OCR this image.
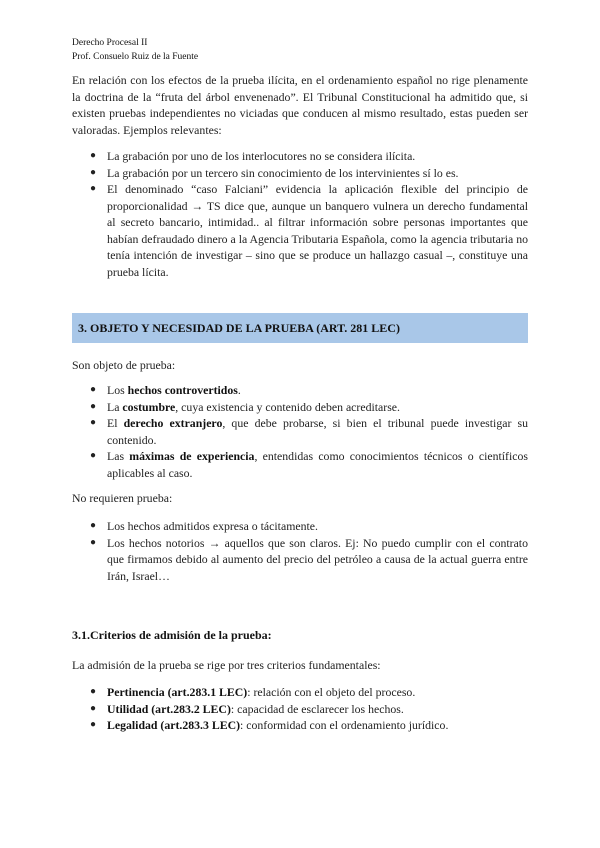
Derecho Procesal II
Prof. Consuelo Ruiz de la Fuente
En relación con los efectos de la prueba ilícita, en el ordenamiento español no rige plenamente la doctrina de la “fruta del árbol envenenado”. El Tribunal Constitucional ha admitido que, si existen pruebas independientes no viciadas que conducen al mismo resultado, estas pueden ser valoradas. Ejemplos relevantes:
● La grabación por uno de los interlocutores no se considera ilícita.
● La grabación por un tercero sin conocimiento de los intervinientes sí lo es.
● El denominado “caso Falciani” evidencia la aplicación flexible del principio de proporcionalidad → TS dice que, aunque un banquero vulnera un derecho fundamental al secreto bancario, intimidad.. al filtrar información sobre personas importantes que habían defraudado dinero a la Agencia Tributaria Española, como la agencia tributaria no tenía intención de investigar – sino que se produce un hallazgo casual –, constituye una prueba lícita.
3. OBJETO Y NECESIDAD DE LA PRUEBA (ART. 281 LEC)
Son objeto de prueba:
● Los hechos controvertidos.
● La costumbre, cuya existencia y contenido deben acreditarse.
● El derecho extranjero, que debe probarse, si bien el tribunal puede investigar su contenido.
● Las máximas de experiencia, entendidas como conocimientos técnicos o científicos aplicables al caso.
No requieren prueba:
● Los hechos admitidos expresa o tácitamente.
● Los hechos notorios → aquellos que son claros. Ej: No puedo cumplir con el contrato que firmamos debido al aumento del precio del petróleo a causa de la actual guerra entre Irán, Israel…
3.1.Criterios de admisión de la prueba:
La admisión de la prueba se rige por tres criterios fundamentales:
● Pertinencia (art.283.1 LEC): relación con el objeto del proceso.
● Utilidad (art.283.2 LEC): capacidad de esclarecer los hechos.
● Legalidad (art.283.3 LEC): conformidad con el ordenamiento jurídico.
